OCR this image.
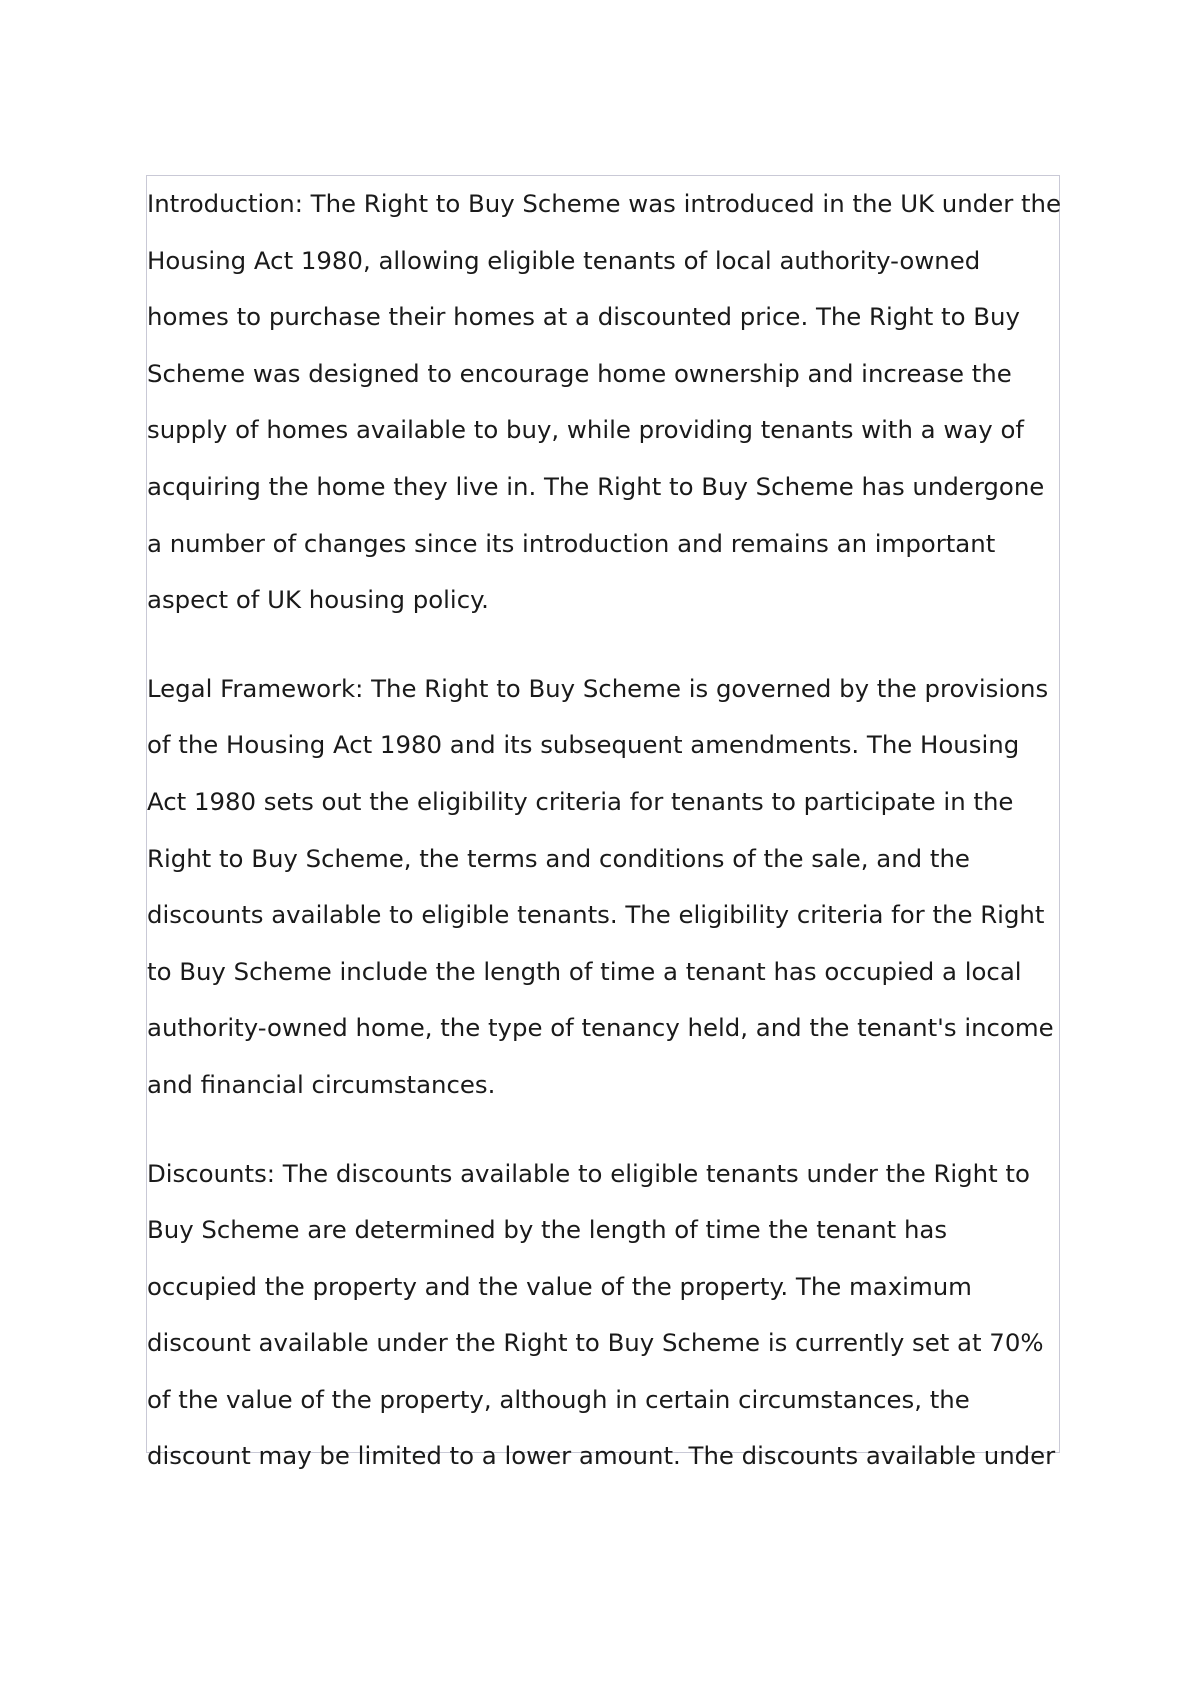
Introduction: The Right to Buy Scheme was introduced in the UK under the
Housing Act 1980, allowing eligible tenants of local authority-owned
homes to purchase their homes at a discounted price. The Right to Buy
Scheme was designed to encourage home ownership and increase the
supply of homes available to buy, while providing tenants with a way of
acquiring the home they live in. The Right to Buy Scheme has undergone
a number of changes since its introduction and remains an important
aspect of UK housing policy.

Legal Framework: The Right to Buy Scheme is governed by the provisions
of the Housing Act 1980 and its subsequent amendments. The Housing
Act 1980 sets out the eligibility criteria for tenants to participate in the
Right to Buy Scheme, the terms and conditions of the sale, and the
discounts available to eligible tenants. The eligibility criteria for the Right
to Buy Scheme include the length of time a tenant has occupied a local
authority-owned home, the type of tenancy held, and the tenant's income
and financial circumstances.

Discounts: The discounts available to eligible tenants under the Right to
Buy Scheme are determined by the length of time the tenant has
occupied the property and the value of the property. The maximum
discount available under the Right to Buy Scheme is currently set at 70%
of the value of the property, although in certain circumstances, the
discount may be limited to a lower amount. The discounts available under
